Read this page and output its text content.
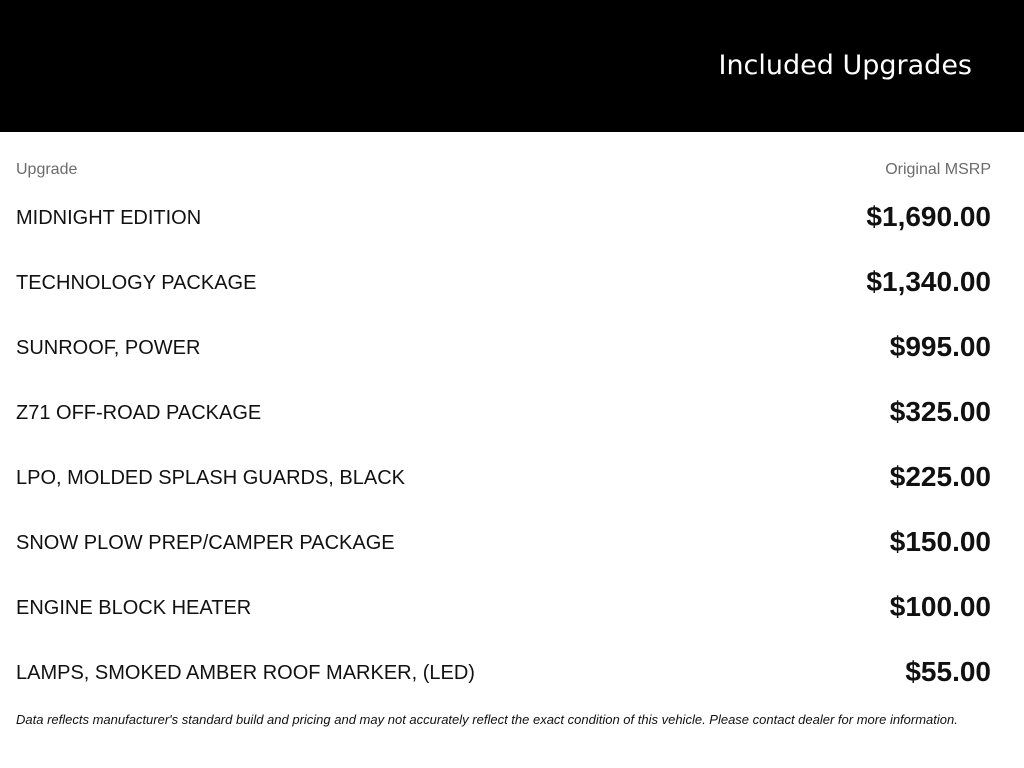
Included Upgrades
Upgrade	Original MSRP
MIDNIGHT EDITION	$1,690.00
TECHNOLOGY PACKAGE	$1,340.00
SUNROOF, POWER	$995.00
Z71 OFF-ROAD PACKAGE	$325.00
LPO, MOLDED SPLASH GUARDS, BLACK	$225.00
SNOW PLOW PREP/CAMPER PACKAGE	$150.00
ENGINE BLOCK HEATER	$100.00
LAMPS, SMOKED AMBER ROOF MARKER, (LED)	$55.00
Data reflects manufacturer's standard build and pricing and may not accurately reflect the exact condition of this vehicle. Please contact dealer for more information.
